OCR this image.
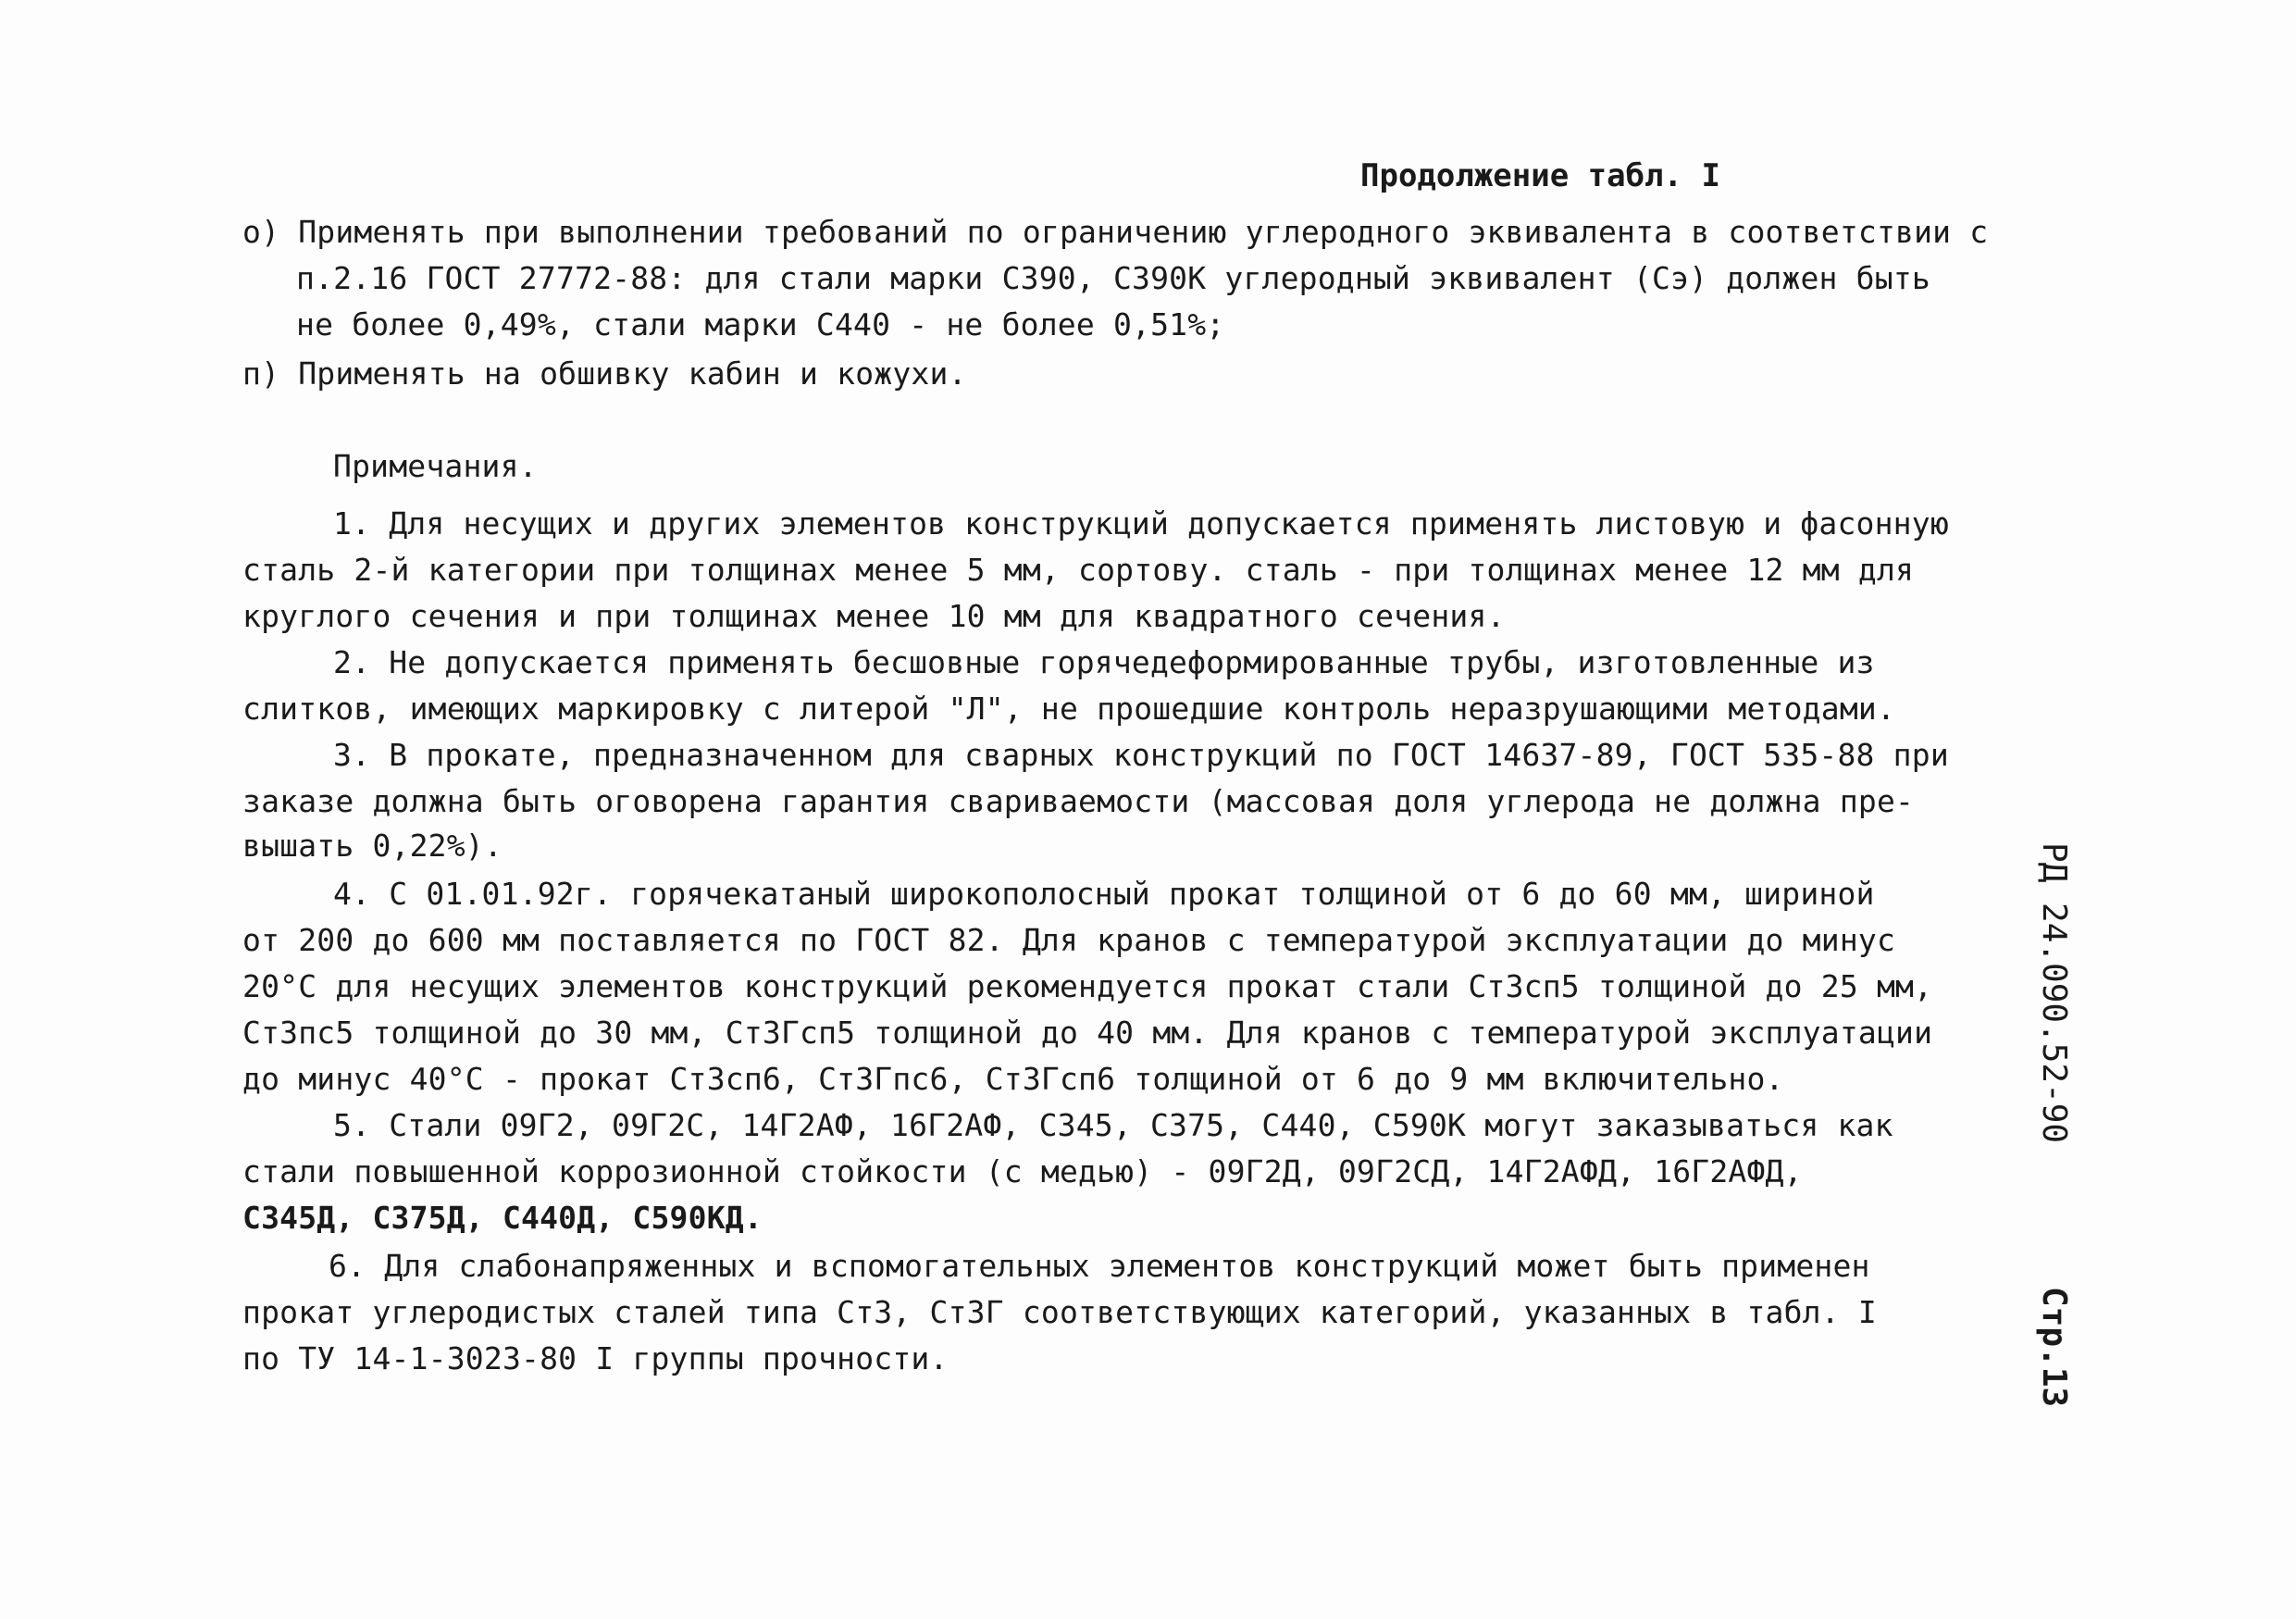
Продолжение табл. I
о) Применять при выполнении требований по ограничению углеродного эквивалента в соответствии с
п.2.16 ГОСТ 27772-88: для стали марки С390, С390К углеродный эквивалент (Сэ) должен быть
не более 0,49%, стали марки С440 - не более 0,51%;
п) Применять на обшивку кабин и кожухи.
Примечания.
1. Для несущих и других элементов конструкций допускается применять листовую и фасонную
сталь 2-й категории при толщинах менее 5 мм, сортову. сталь - при толщинах менее 12 мм для
круглого сечения и при толщинах менее 10 мм для квадратного сечения.
2. Не допускается применять бесшовные горячедеформированные трубы, изготовленные из
слитков, имеющих маркировку с литерой "Л", не прошедшие контроль неразрушающими методами.
3. В прокате, предназначенном для сварных конструкций по ГОСТ 14637-89, ГОСТ 535-88 при
заказе должна быть оговорена гарантия свариваемости (массовая доля углерода не должна пре-
вышать 0,22%).
4. С 01.01.92г. горячекатаный широкополосный прокат толщиной от 6 до 60 мм, шириной
от 200 до 600 мм поставляется по ГОСТ 82. Для кранов с температурой эксплуатации до минус
20°С для несущих элементов конструкций рекомендуется прокат стали Ст3сп5 толщиной до 25 мм,
Ст3пс5 толщиной до 30 мм, Ст3Гсп5 толщиной до 40 мм. Для кранов с температурой эксплуатации
до минус 40°С - прокат Ст3сп6, Ст3Гпс6, Ст3Гсп6 толщиной от 6 до 9 мм включительно.
5. Стали 09Г2, 09Г2С, 14Г2АФ, 16Г2АФ, С345, С375, С440, С590К могут заказываться как
стали повышенной коррозионной стойкости (с медью) - 09Г2Д, 09Г2СД, 14Г2АФД, 16Г2АФД,
С345Д, С375Д, С440Д, С590КД.
6. Для слабонапряженных и вспомогательных элементов конструкций может быть применен
прокат углеродистых сталей типа Ст3, Ст3Г соответствующих категорий, указанных в табл. I
по ТУ 14-1-3023-80 I группы прочности.
РД 24.090.52-90
Стр.13
